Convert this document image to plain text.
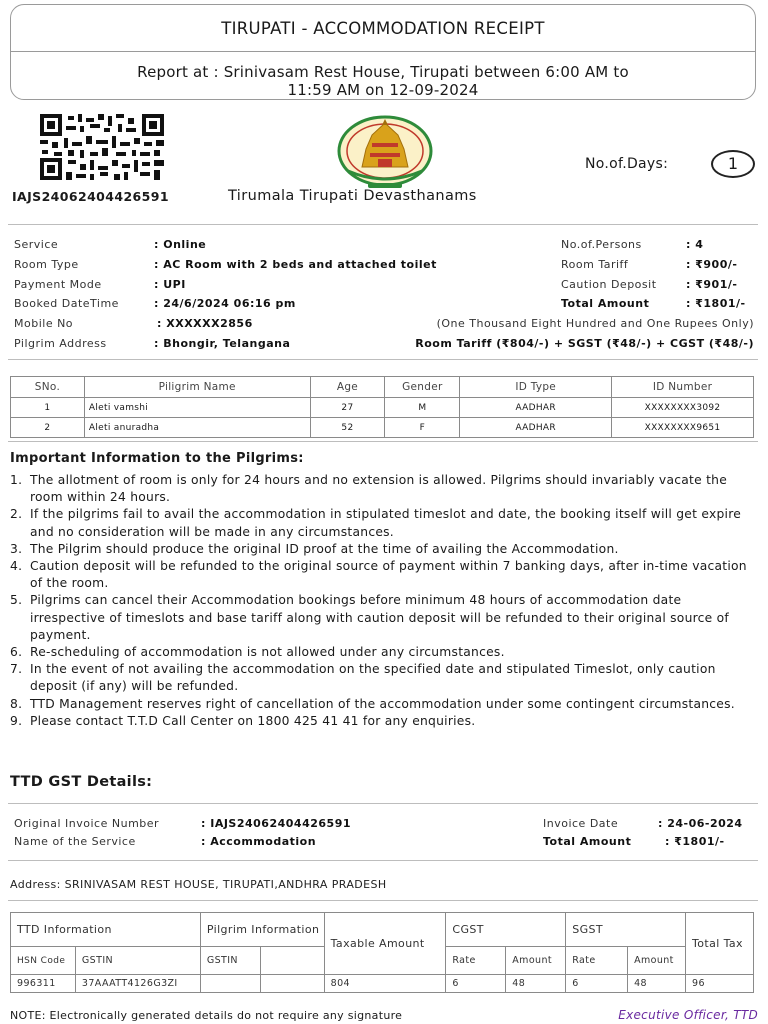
TIRUPATI - ACCOMMODATION RECEIPT
Report at : Srinivasam Rest House, Tirupati between 6:00 AM to
11:59 AM on 12-09-2024
IAJS24062404426591	Tirumala Tirupati Devasthanams
No.of.Days:	1
Service	: Online
Room Type	: AC Room with 2 beds and attached toilet
Payment Mode	: UPI
Booked DateTime	: 24/6/2024 06:16 pm
Mobile No	: XXXXXX2856
Pilgrim Address	: Bhongir, Telangana
No.of.Persons	: 4
Room Tariff	: ₹900/-
Caution Deposit	: ₹901/-
Total Amount	: ₹1801/-
(One Thousand Eight Hundred and One Rupees Only)
Room Tariff (₹804/-) + SGST (₹48/-) + CGST (₹48/-)
SNo.	Piligrim Name	Age	Gender	ID Type	ID Number
1	Aleti vamshi	27	M	AADHAR	XXXXXXXX3092
2	Aleti anuradha	52	F	AADHAR	XXXXXXXX9651
Important Information to the Pilgrims:
1. The allotment of room is only for 24 hours and no extension is allowed. Pilgrims should invariably vacate the room within 24 hours.
2. If the pilgrims fail to avail the accommodation in stipulated timeslot and date, the booking itself will get expire and no consideration will be made in any circumstances.
3. The Pilgrim should produce the original ID proof at the time of availing the Accommodation.
4. Caution deposit will be refunded to the original source of payment within 7 banking days, after in-time vacation of the room.
5. Pilgrims can cancel their Accommodation bookings before minimum 48 hours of accommodation date irrespective of timeslots and base tariff along with caution deposit will be refunded to their original source of payment.
6. Re-scheduling of accommodation is not allowed under any circumstances.
7. In the event of not availing the accommodation on the specified date and stipulated Timeslot, only caution deposit (if any) will be refunded.
8. TTD Management reserves right of cancellation of the accommodation under some contingent circumstances.
9. Please contact T.T.D Call Center on 1800 425 41 41 for any enquiries.
TTD GST Details:
Original Invoice Number	: IAJS24062404426591
Name of the Service	: Accommodation
Invoice Date	: 24-06-2024
Total Amount	: ₹1801/-
Address: SRINIVASAM REST HOUSE, TIRUPATI,ANDHRA PRADESH
TTD Information		Pilgrim Information		Taxable Amount	CGST		SGST		Total Tax
HSN Code	GSTIN	GSTIN			Rate	Amount	Rate	Amount	
996311	37AAATT4126G3ZI			804	6	48	6	48	96
NOTE: Electronically generated details do not require any signature	Executive Officer, TTD
